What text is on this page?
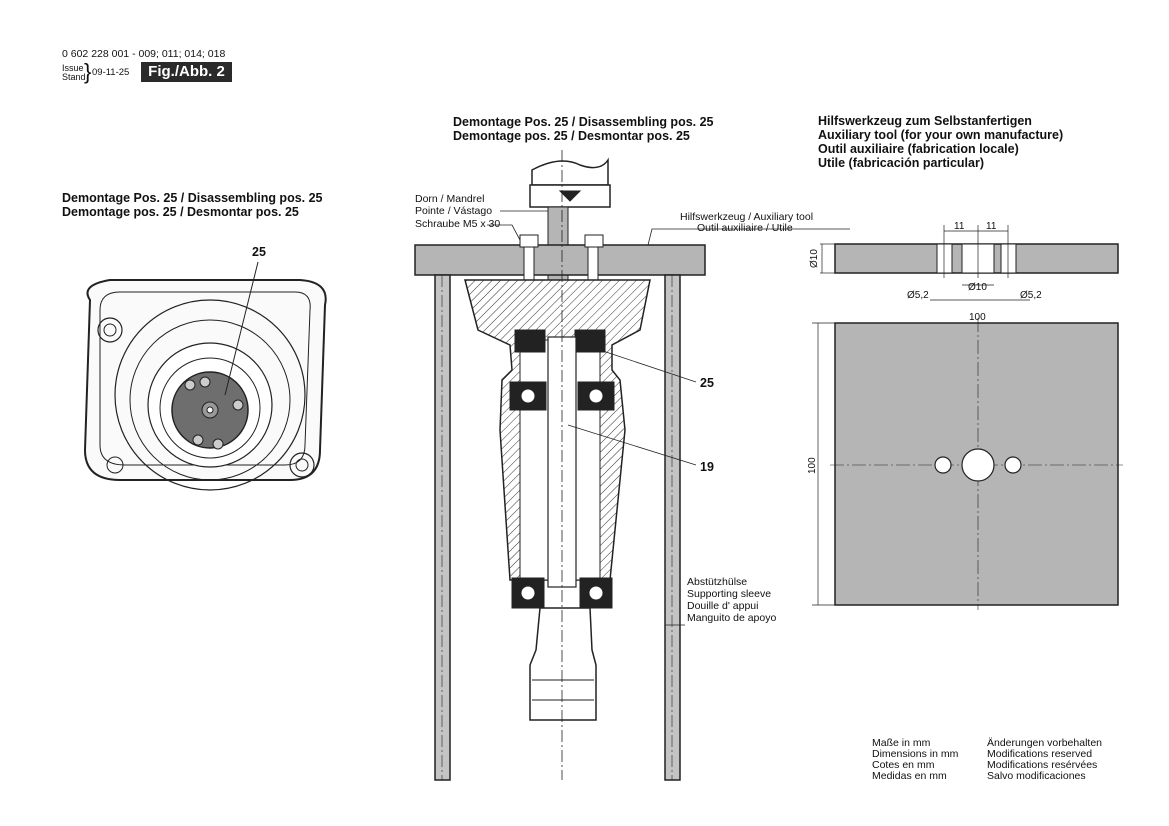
0 602 228 001 - 009; 011; 014; 018
Issue
Stand
} 09-11-25	Fig./Abb. 2
Demontage Pos. 25 / Disassembling pos. 25
Demontage pos. 25 / Desmontar pos. 25
Demontage Pos. 25 / Disassembling pos. 25
Demontage pos. 25 / Desmontar pos. 25
Hilfswerkzeug zum Selbstanfertigen
Auxiliary tool (for your own manufacture)
Outil auxiliaire (fabrication locale)
Utile (fabricación particular)
Dorn / Mandrel
Pointe / Vástago
Schraube M5 x 30
Hilfswerkzeug / Auxiliary tool
Outil auxiliaire / Utile
25
25
19
Abstützhülse
Supporting sleeve
Douille d' appui
Manguito de apoyo
Maße in mm
Dimensions in mm
Cotes en mm
Medidas en mm
Änderungen vorbehalten
Modifications reserved
Modifications resérvées
Salvo modificaciones
11 11
Ø10
Ø5,2
Ø10
Ø5,2
100
100
